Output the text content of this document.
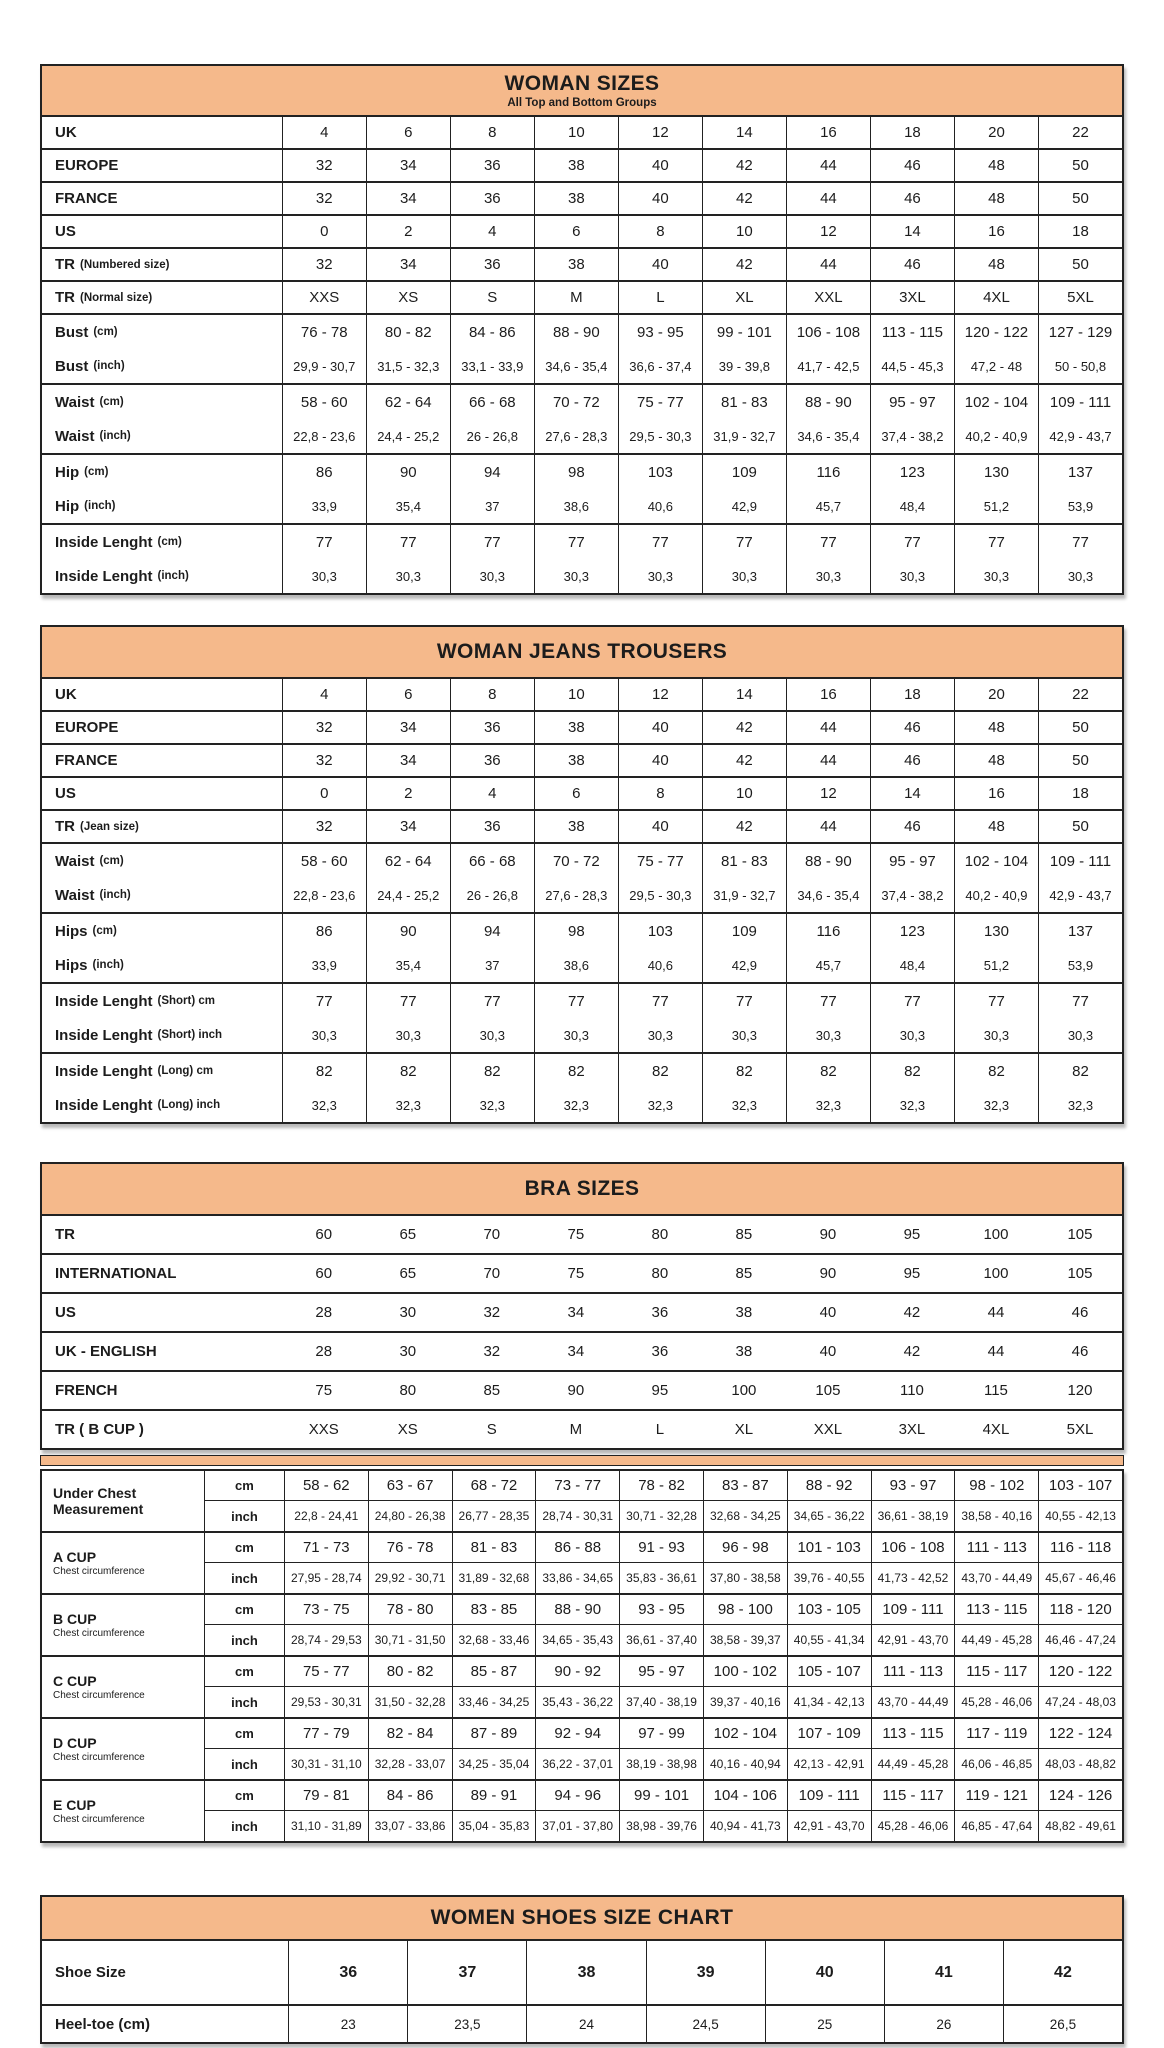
WOMAN SIZES
All Top and Bottom Groups
UK	4	6	8	10	12	14	16	18	20	22
EUROPE	32	34	36	38	40	42	44	46	48	50
FRANCE	32	34	36	38	40	42	44	46	48	50
US	0	2	4	6	8	10	12	14	16	18
TR (Numbered size)	32	34	36	38	40	42	44	46	48	50
TR (Normal size)	XXS	XS	S	M	L	XL	XXL	3XL	4XL	5XL
Bust (cm)	76 - 78	80 - 82	84 - 86	88 - 90	93 - 95	99 - 101	106 - 108	113 - 115	120 - 122	127 - 129
Bust (inch)	29,9 - 30,7	31,5 - 32,3	33,1 - 33,9	34,6 - 35,4	36,6 - 37,4	39 - 39,8	41,7 - 42,5	44,5 - 45,3	47,2 - 48	50 - 50,8
Waist (cm)	58 - 60	62 - 64	66 - 68	70 - 72	75 - 77	81 - 83	88 - 90	95 - 97	102 - 104	109 - 111
Waist (inch)	22,8 - 23,6	24,4 - 25,2	26 - 26,8	27,6 - 28,3	29,5 - 30,3	31,9 - 32,7	34,6 - 35,4	37,4 - 38,2	40,2 - 40,9	42,9 - 43,7
Hip (cm)	86	90	94	98	103	109	116	123	130	137
Hip (inch)	33,9	35,4	37	38,6	40,6	42,9	45,7	48,4	51,2	53,9
Inside Lenght (cm)	77	77	77	77	77	77	77	77	77	77
Inside Lenght (inch)	30,3	30,3	30,3	30,3	30,3	30,3	30,3	30,3	30,3	30,3
WOMAN JEANS TROUSERS
UK	4	6	8	10	12	14	16	18	20	22
EUROPE	32	34	36	38	40	42	44	46	48	50
FRANCE	32	34	36	38	40	42	44	46	48	50
US	0	2	4	6	8	10	12	14	16	18
TR (Jean size)	32	34	36	38	40	42	44	46	48	50
Waist (cm)	58 - 60	62 - 64	66 - 68	70 - 72	75 - 77	81 - 83	88 - 90	95 - 97	102 - 104	109 - 111
Waist (inch)	22,8 - 23,6	24,4 - 25,2	26 - 26,8	27,6 - 28,3	29,5 - 30,3	31,9 - 32,7	34,6 - 35,4	37,4 - 38,2	40,2 - 40,9	42,9 - 43,7
Hips (cm)	86	90	94	98	103	109	116	123	130	137
Hips (inch)	33,9	35,4	37	38,6	40,6	42,9	45,7	48,4	51,2	53,9
Inside Lenght (Short) cm	77	77	77	77	77	77	77	77	77	77
Inside Lenght (Short) inch	30,3	30,3	30,3	30,3	30,3	30,3	30,3	30,3	30,3	30,3
Inside Lenght (Long) cm	82	82	82	82	82	82	82	82	82	82
Inside Lenght (Long) inch	32,3	32,3	32,3	32,3	32,3	32,3	32,3	32,3	32,3	32,3
BRA SIZES
TR	60	65	70	75	80	85	90	95	100	105
INTERNATIONAL	60	65	70	75	80	85	90	95	100	105
US	28	30	32	34	36	38	40	42	44	46
UK - ENGLISH	28	30	32	34	36	38	40	42	44	46
FRENCH	75	80	85	90	95	100	105	110	115	120
TR ( B CUP )	XXS	XS	S	M	L	XL	XXL	3XL	4XL	5XL
Under Chest Measurement
cm	58 - 62	63 - 67	68 - 72	73 - 77	78 - 82	83 - 87	88 - 92	93 - 97	98 - 102	103 - 107
inch	22,8 - 24,41	24,80 - 26,38	26,77 - 28,35	28,74 - 30,31	30,71 - 32,28	32,68 - 34,25	34,65 - 36,22	36,61 - 38,19	38,58 - 40,16	40,55 - 42,13
A CUP
Chest circumference
cm	71 - 73	76 - 78	81 - 83	86 - 88	91 - 93	96 - 98	101 - 103	106 - 108	111 - 113	116 - 118
inch	27,95 - 28,74	29,92 - 30,71	31,89 - 32,68	33,86 - 34,65	35,83 - 36,61	37,80 - 38,58	39,76 - 40,55	41,73 - 42,52	43,70 - 44,49	45,67 - 46,46
B CUP
Chest circumference
cm	73 - 75	78 - 80	83 - 85	88 - 90	93 - 95	98 - 100	103 - 105	109 - 111	113 - 115	118 - 120
inch	28,74 - 29,53	30,71 - 31,50	32,68 - 33,46	34,65 - 35,43	36,61 - 37,40	38,58 - 39,37	40,55 - 41,34	42,91 - 43,70	44,49 - 45,28	46,46 - 47,24
C CUP
Chest circumference
cm	75 - 77	80 - 82	85 - 87	90 - 92	95 - 97	100 - 102	105 - 107	111 - 113	115 - 117	120 - 122
inch	29,53 - 30,31	31,50 - 32,28	33,46 - 34,25	35,43 - 36,22	37,40 - 38,19	39,37 - 40,16	41,34 - 42,13	43,70 - 44,49	45,28 - 46,06	47,24 - 48,03
D CUP
Chest circumference
cm	77 - 79	82 - 84	87 - 89	92 - 94	97 - 99	102 - 104	107 - 109	113 - 115	117 - 119	122 - 124
inch	30,31 - 31,10	32,28 - 33,07	34,25 - 35,04	36,22 - 37,01	38,19 - 38,98	40,16 - 40,94	42,13 - 42,91	44,49 - 45,28	46,06 - 46,85	48,03 - 48,82
E CUP
Chest circumference
cm	79 - 81	84 - 86	89 - 91	94 - 96	99 - 101	104 - 106	109 - 111	115 - 117	119 - 121	124 - 126
inch	31,10 - 31,89	33,07 - 33,86	35,04 - 35,83	37,01 - 37,80	38,98 - 39,76	40,94 - 41,73	42,91 - 43,70	45,28 - 46,06	46,85 - 47,64	48,82 - 49,61
WOMEN SHOES SIZE CHART
Shoe Size	36	37	38	39	40	41	42
Heel-toe (cm)	23	23,5	24	24,5	25	26	26,5
